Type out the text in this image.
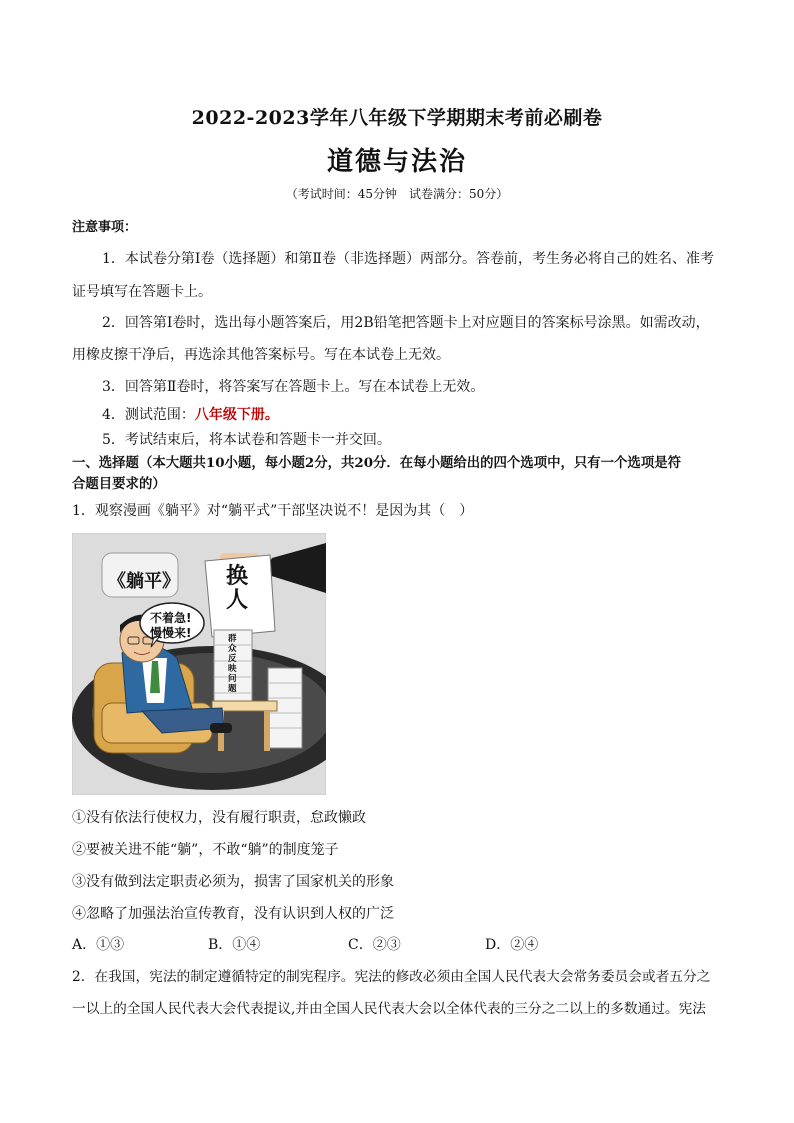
2022-2023学年八年级下学期期末考前必刷卷
道德与法治
（考试时间：45分钟　试卷满分：50分）
注意事项：
1．本试卷分第Ⅰ卷（选择题）和第Ⅱ卷（非选择题）两部分。答卷前，考生务必将自己的姓名、准考
证号填写在答题卡上。
2．回答第Ⅰ卷时，选出每小题答案后，用2B铅笔把答题卡上对应题目的答案标号涂黑。如需改动，
用橡皮擦干净后，再选涂其他答案标号。写在本试卷上无效。
3．回答第Ⅱ卷时，将答案写在答题卡上。写在本试卷上无效。
4．测试范围：八年级下册。
5．考试结束后，将本试卷和答题卡一并交回。
一、选择题（本大题共10小题，每小题2分，共20分．在每小题给出的四个选项中，只有一个选项是符
合题目要求的）
1．观察漫画《躺平》对“躺平式”干部坚决说不！是因为其（　）
《躺平》 换人
群众反映问题
不着急!
慢慢来!
①没有依法行使权力，没有履行职责，怠政懒政
②要被关进不能“躺”，不敢“躺”的制度笼子
③没有做到法定职责必须为，损害了国家机关的形象
④忽略了加强法治宣传教育，没有认识到人权的广泛
A．①③	B．①④	C．②③	D．②④
2．在我国，宪法的制定遵循特定的制宪程序。宪法的修改必须由全国人民代表大会常务委员会或者五分之
一以上的全国人民代表大会代表提议,并由全国人民代表大会以全体代表的三分之二以上的多数通过。宪法
